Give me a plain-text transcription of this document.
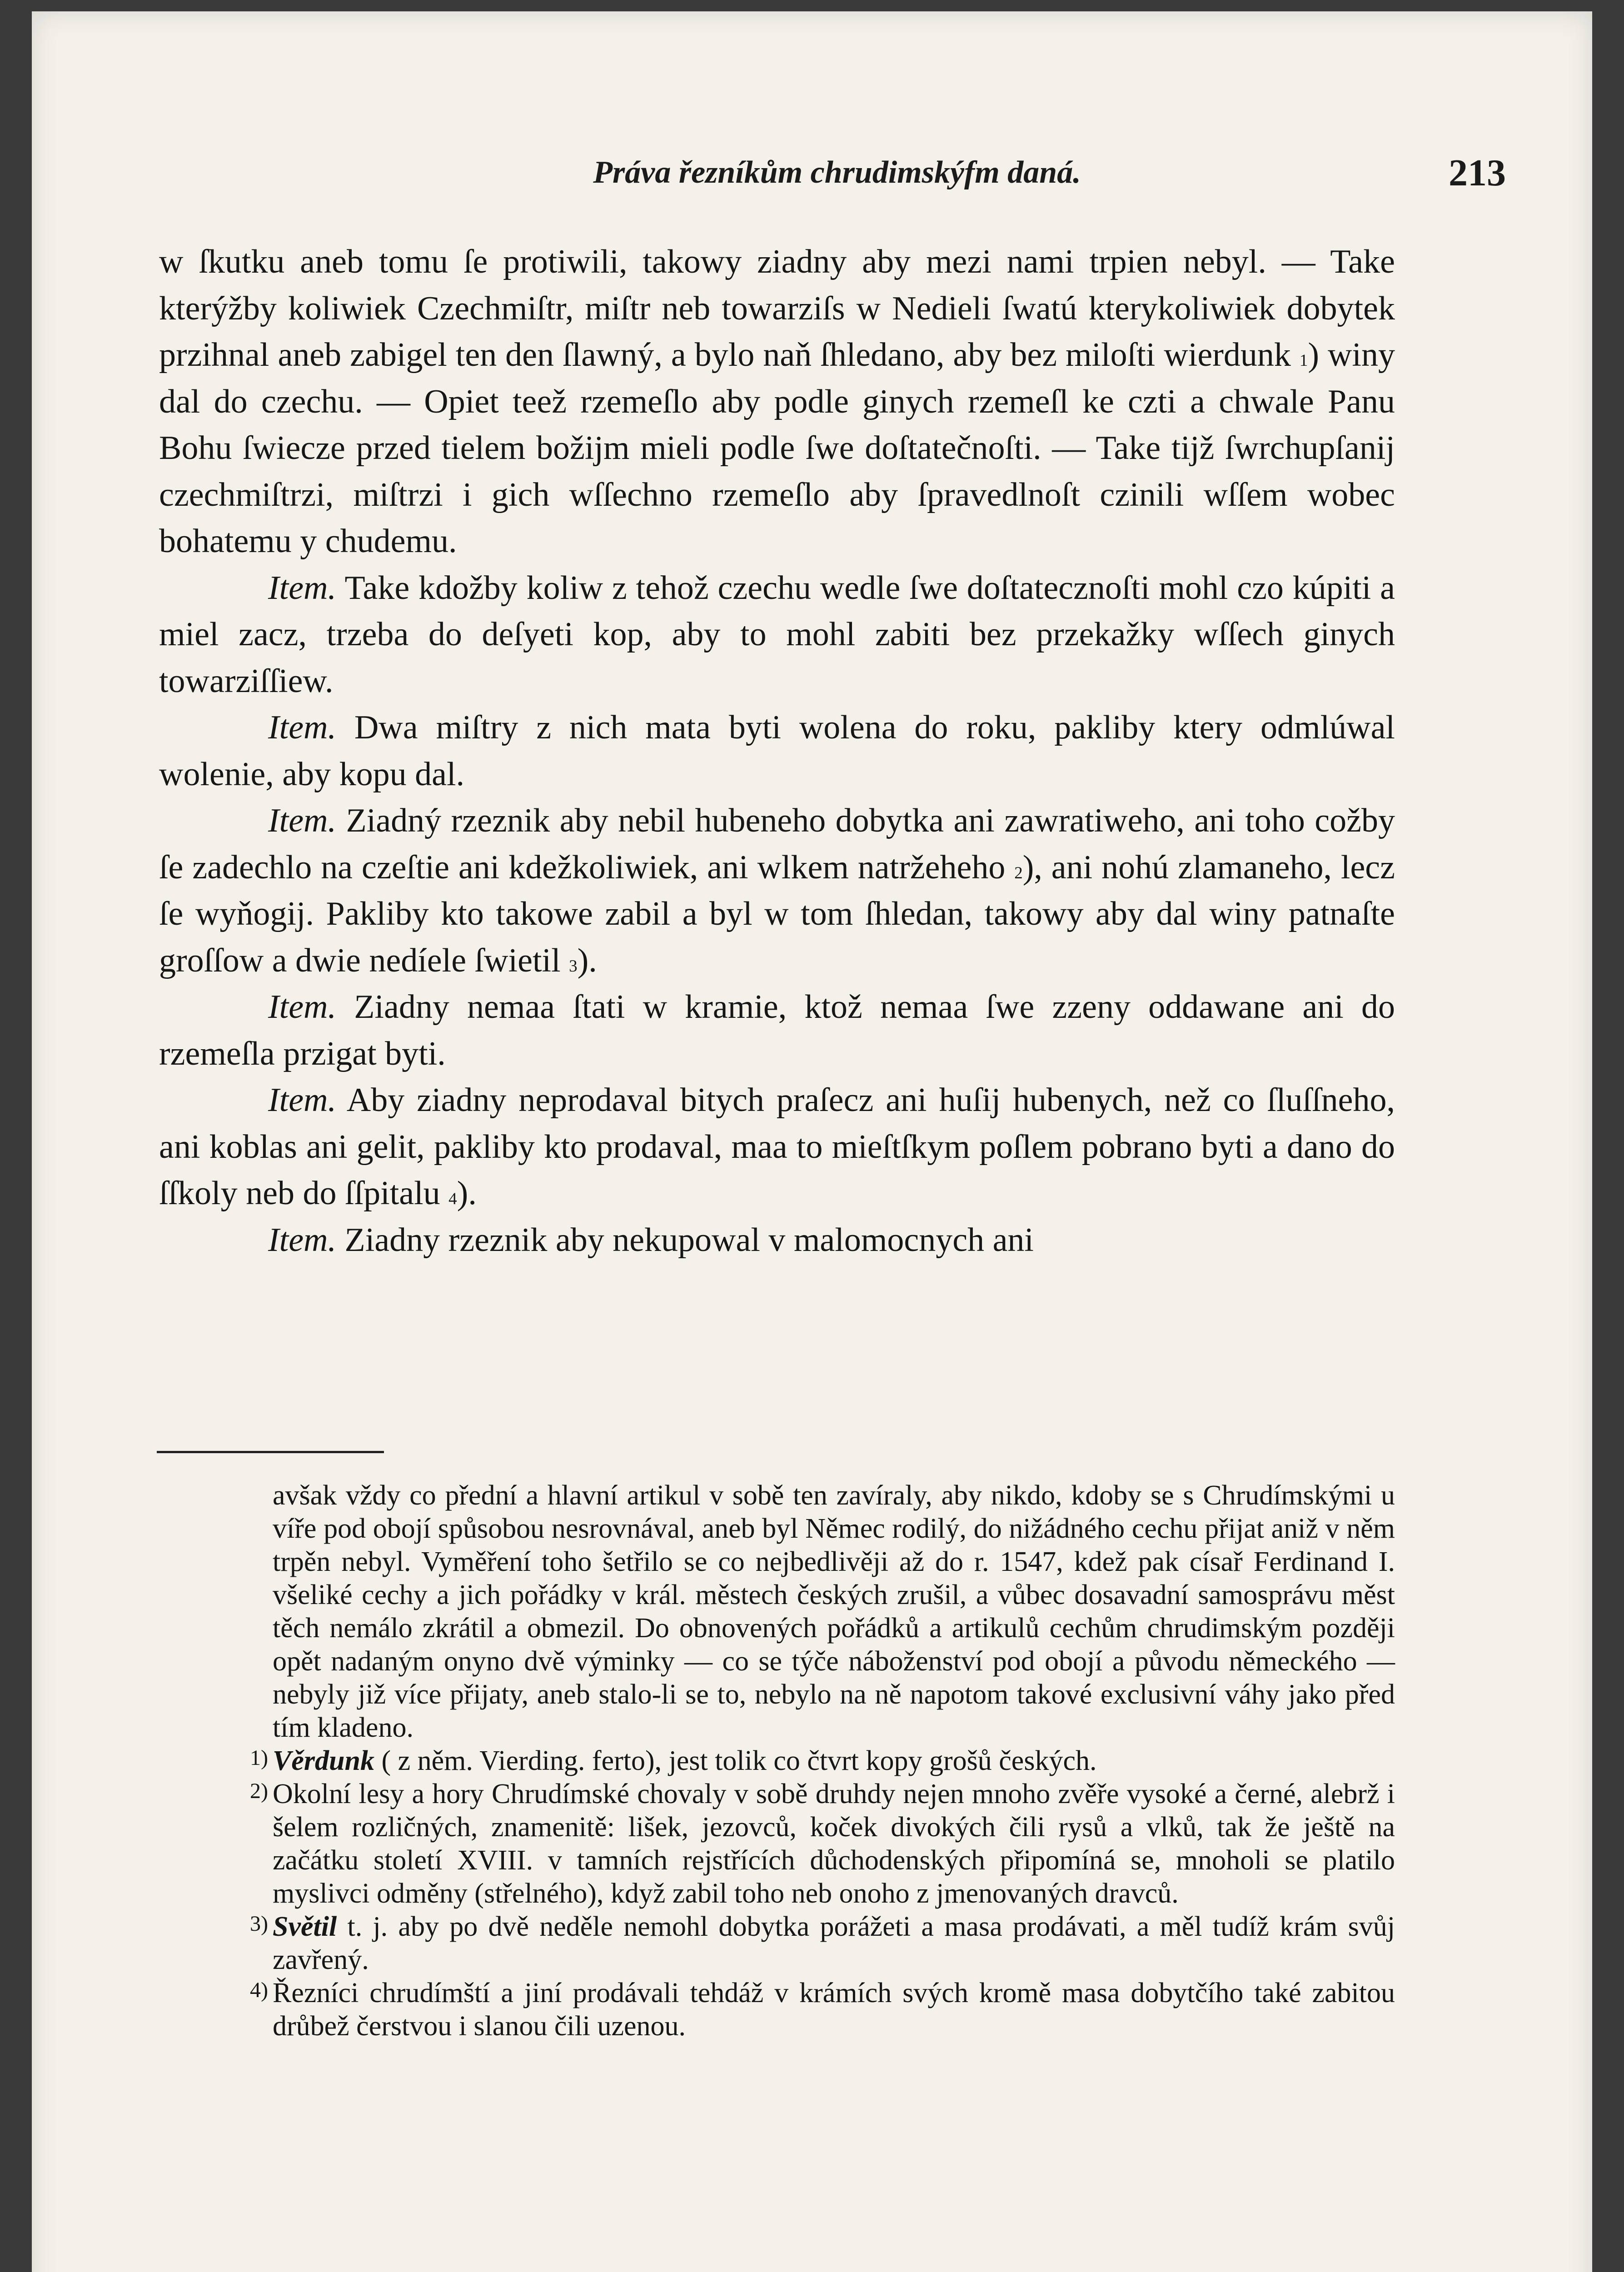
Práva řezníkům chrudimskýfm daná.	213

w ſkutku aneb tomu ſe protiwili, takowy ziadny aby mezi nami trpien nebyl. — Take kterýžby koliwiek Czechmiſtr, miſtr neb towarziſs w Nedieli ſwatú kterykoliwiek dobytek przihnal aneb zabigel ten den ſlawný, a bylo naň ſhledano, aby bez miloſti wierdunk $^1$) winy dal do czechu. — Opiet teež rzemeſlo aby podle ginych rzemeſl ke czti a chwale Panu Bohu ſwiecze przed tielem božijm mieli podle ſwe doſtatečnoſti. — Take tijž ſwrchupſanij czechmiſtrzi, miſtrzi i gich wſſechno rzemeſlo aby ſpravedlnoſt czinili wſſem wobec bohatemu y chudemu.

Item. Take kdožby koliw z tehož czechu wedle ſwe doſtatecznoſti mohl czo kúpiti a miel zacz, trzeba do deſyeti kop, aby to mohl zabiti bez przekažky wſſech ginych towarziſſiew.

Item. Dwa miſtry z nich mata byti wolena do roku, pakliby ktery odmlúwal wolenie, aby kopu dal.

Item. Ziadný rzeznik aby nebil hubeneho dobytka ani zawratiweho, ani toho cožby ſe zadechlo na czeſtie ani kdežkoliwiek, ani wlkem natržeheho $^2$), ani nohú zlamaneho, lecz ſe wyňogij. Pakliby kto takowe zabil a byl w tom ſhledan, takowy aby dal winy patnaſte groſſow a dwie nedíele ſwietil $^3$).

Item. Ziadny nemaa ſtati w kramie, ktož nemaa ſwe zzeny oddawane ani do rzemeſla przigat byti.

Item. Aby ziadny neprodaval bitych praſecz ani huſij hubenych, než co ſluſſneho, ani koblas ani gelit, pakliby kto prodaval, maa to mieſtſkym poſlem pobrano byti a dano do ſſkoly neb do ſſpitalu $^4$).

Item. Ziadny rzeznik aby nekupowal v malomocnych ani

avšak vždy co přední a hlavní artikul v sobě ten zavíraly, aby nikdo, kdoby se s Chrudímskými u víře pod obojí spůsobou nesrovnával, aneb byl Němec rodilý, do nižádného cechu přijat aniž v něm trpěn nebyl. Vyměření toho šetřilo se co nejbedlivěji až do r. 1547, kdež pak císař Ferdinand I. všeliké cechy a jich pořádky v král. městech českých zrušil, a vůbec dosavadní samosprávu měst těch nemálo zkrátil a obmezil. Do obnovených pořádků a artikulů cechům chrudimským později opět nadaným onyno dvě výminky — co se týče náboženství pod obojí a původu německého — nebyly již více přijaty, aneb stalo-li se to, nebylo na ně napotom takové exclusivní váhy jako před tím kladeno.

1) Věrdunk ( z něm. Vierding. ferto), jest tolik co čtvrt kopy grošů českých.

2) Okolní lesy a hory Chrudímské chovaly v sobě druhdy nejen mnoho zvěře vysoké a černé, alebrž i šelem rozličných, znamenitě: lišek, jezovců, koček divokých čili rysů a vlků, tak že ještě na začátku století XVIII. v tamních rejstřících důchodenských připomíná se, mnoholi se platilo myslivci odměny (střelného), když zabil toho neb onoho z jmenovaných dravců.

3) Světil t. j. aby po dvě neděle nemohl dobytka porážeti a masa prodávati, a měl tudíž krám svůj zavřený.

4) Řezníci chrudímští a jiní prodávali tehdáž v krámích svých kromě masa dobytčího také zabitou drůbež čerstvou i slanou čili uzenou.
